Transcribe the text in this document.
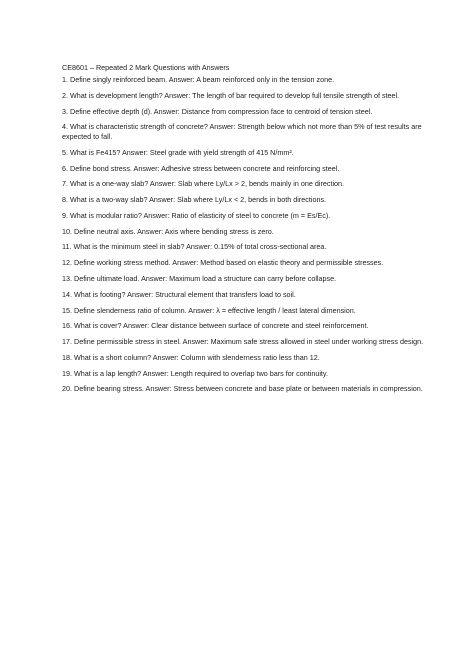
CE8601 – Repeated 2 Mark Questions with Answers
1. Define singly reinforced beam. Answer: A beam reinforced only in the tension zone.
2. What is development length? Answer: The length of bar required to develop full tensile strength of steel.
3. Define effective depth (d). Answer: Distance from compression face to centroid of tension steel.
4. What is characteristic strength of concrete? Answer: Strength below which not more than 5% of test results are expected to fall.
5. What is Fe415? Answer: Steel grade with yield strength of 415 N/mm².
6. Define bond stress. Answer: Adhesive stress between concrete and reinforcing steel.
7. What is a one-way slab? Answer: Slab where Ly/Lx > 2, bends mainly in one direction.
8. What is a two-way slab? Answer: Slab where Ly/Lx < 2, bends in both directions.
9. What is modular ratio? Answer: Ratio of elasticity of steel to concrete (m = Es/Ec).
10. Define neutral axis. Answer: Axis where bending stress is zero.
11. What is the minimum steel in slab? Answer: 0.15% of total cross-sectional area.
12. Define working stress method. Answer: Method based on elastic theory and permissible stresses.
13. Define ultimate load. Answer: Maximum load a structure can carry before collapse.
14. What is footing? Answer: Structural element that transfers load to soil.
15. Define slenderness ratio of column. Answer: λ = effective length / least lateral dimension.
16. What is cover? Answer: Clear distance between surface of concrete and steel reinforcement.
17. Define permissible stress in steel. Answer: Maximum safe stress allowed in steel under working stress design.
18. What is a short column? Answer: Column with slenderness ratio less than 12.
19. What is a lap length? Answer: Length required to overlap two bars for continuity.
20. Define bearing stress. Answer: Stress between concrete and base plate or between materials in compression.
